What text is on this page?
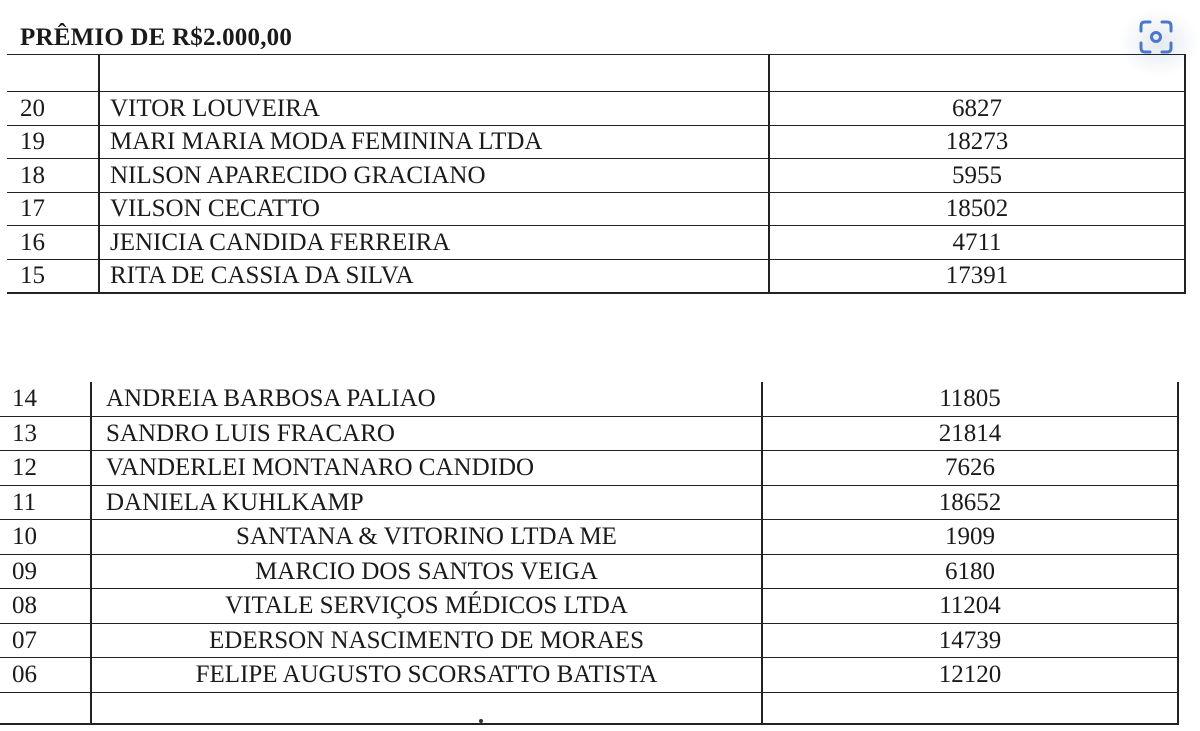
PRÊMIO DE R$2.000,00

20	VITOR LOUVEIRA	6827
19	MARI MARIA MODA FEMININA LTDA	18273
18	NILSON APARECIDO GRACIANO	5955
17	VILSON CECATTO	18502
16	JENICIA CANDIDA FERREIRA	4711
15	RITA DE CASSIA DA SILVA	17391
14	ANDREIA BARBOSA PALIAO	11805
13	SANDRO LUIS FRACARO	21814
12	VANDERLEI MONTANARO CANDIDO	7626
11	DANIELA KUHLKAMP	18652
10	SANTANA & VITORINO LTDA ME	1909
09	MARCIO DOS SANTOS VEIGA	6180
08	VITALE SERVIÇOS MÉDICOS LTDA	11204
07	EDERSON NASCIMENTO DE MORAES	14739
06	FELIPE AUGUSTO SCORSATTO BATISTA	12120
